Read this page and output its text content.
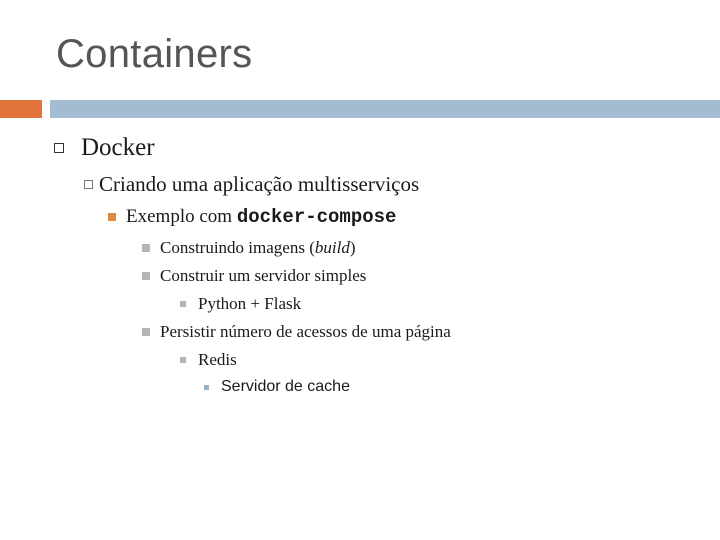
Containers
Docker
Criando uma aplicação multisserviços
Exemplo com docker-compose
Construindo imagens (build)
Construir um servidor simples
Python + Flask
Persistir número de acessos de uma página
Redis
Servidor de cache
